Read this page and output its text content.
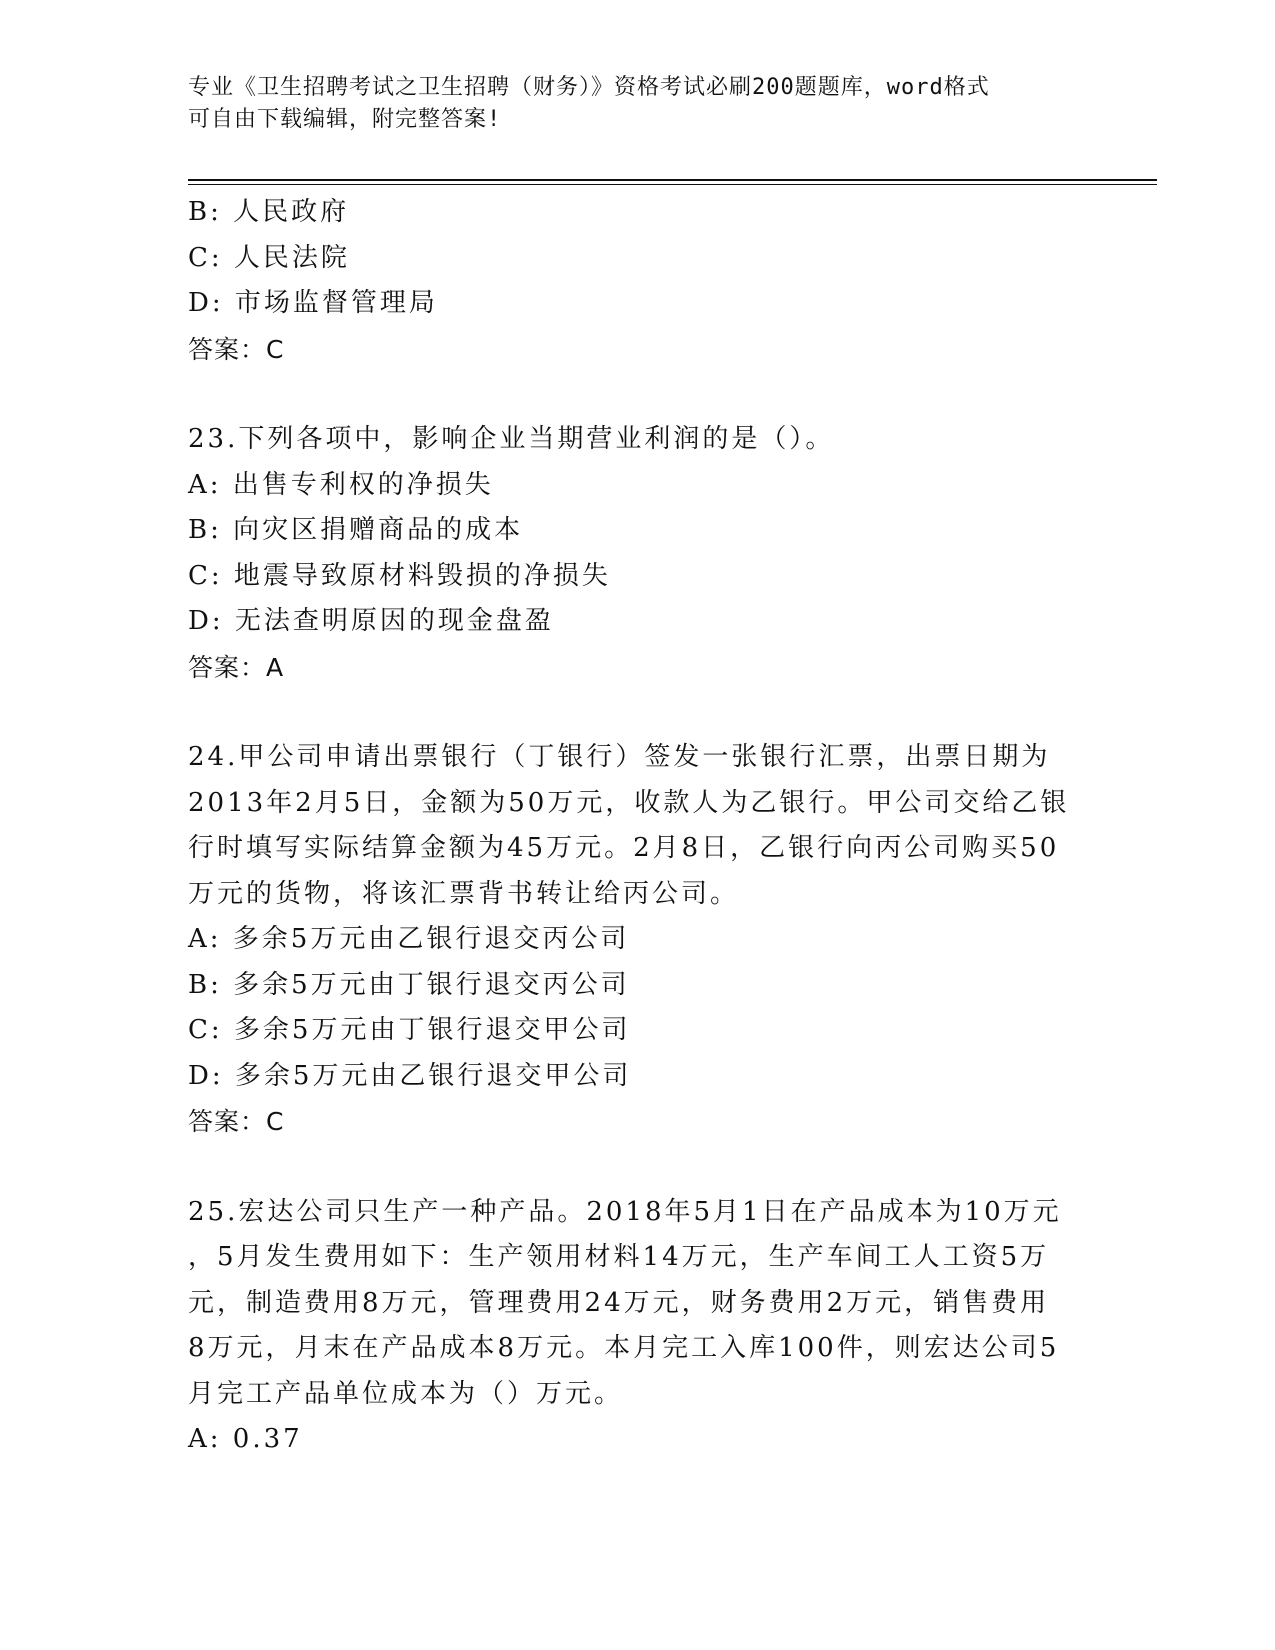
专业《卫生招聘考试之卫生招聘（财务）》资格考试必刷200题题库，word格式
可自由下载编辑，附完整答案!
B: 人民政府
C: 人民法院
D: 市场监督管理局
答案：C
23.下列各项中，影响企业当期营业利润的是（）。
A: 出售专利权的净损失
B: 向灾区捐赠商品的成本
C: 地震导致原材料毁损的净损失
D: 无法查明原因的现金盘盈
答案：A
24.甲公司申请出票银行（丁银行）签发一张银行汇票，出票日期为
2013年2月5日，金额为50万元，收款人为乙银行。甲公司交给乙银
行时填写实际结算金额为45万元。2月8日，乙银行向丙公司购买50
万元的货物，将该汇票背书转让给丙公司。
A: 多余5万元由乙银行退交丙公司
B: 多余5万元由丁银行退交丙公司
C: 多余5万元由丁银行退交甲公司
D: 多余5万元由乙银行退交甲公司
答案：C
25.宏达公司只生产一种产品。2018年5月1日在产品成本为10万元
，5月发生费用如下：生产领用材料14万元，生产车间工人工资5万
元，制造费用8万元，管理费用24万元，财务费用2万元，销售费用
8万元，月末在产品成本8万元。本月完工入库100件，则宏达公司5
月完工产品单位成本为（）万元。
A: 0.37
